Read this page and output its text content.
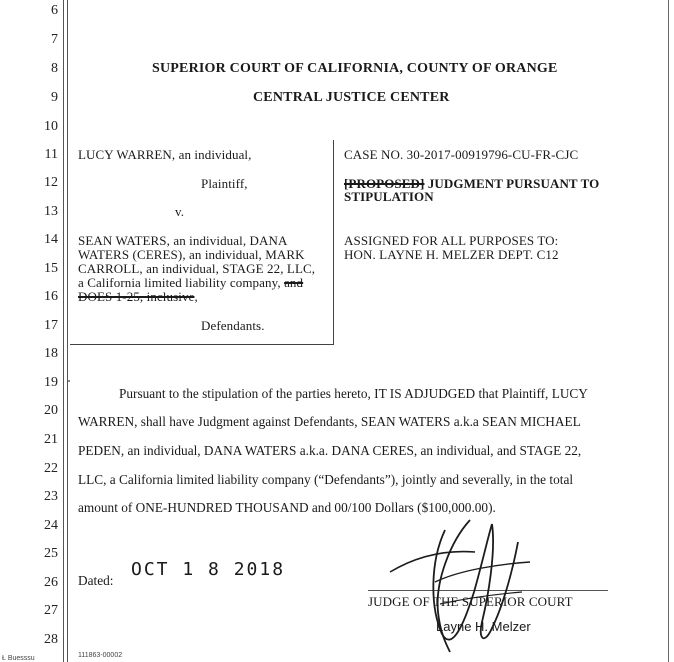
6
7
8
9
10
11
12
13
14
15
16
17
18
19
20
21
22
23
24
25
26
27
28
SUPERIOR COURT OF CALIFORNIA, COUNTY OF ORANGE
CENTRAL JUSTICE CENTER
LUCY WARREN, an individual,
Plaintiff,
v.
SEAN WATERS, an individual, DANA
WATERS (CERES), an individual, MARK
CARROLL, an individual, STAGE 22, LLC,
a California limited liability company, and
DOES 1-25, inclusive,
Defendants.
CASE NO. 30-2017-00919796-CU-FR-CJC
[PROPOSED] JUDGMENT PURSUANT TO
STIPULATION
ASSIGNED FOR ALL PURPOSES TO:
HON. LAYNE H. MELZER DEPT. C12
Pursuant to the stipulation of the parties hereto, IT IS ADJUDGED that Plaintiff, LUCY
WARREN, shall have Judgment against Defendants, SEAN WATERS a.k.a SEAN MICHAEL
PEDEN, an individual, DANA WATERS a.k.a. DANA CERES, an individual, and STAGE 22,
LLC, a California limited liability company (“Defendants”), jointly and severally, in the total
amount of ONE-HUNDRED THOUSAND and 00/100 Dollars ($100,000.00).
Dated:
OCT 1 8 2018
JUDGE OF THE SUPERIOR COURT
Layne H. Melzer
Ł Buesssu	111863-00002
